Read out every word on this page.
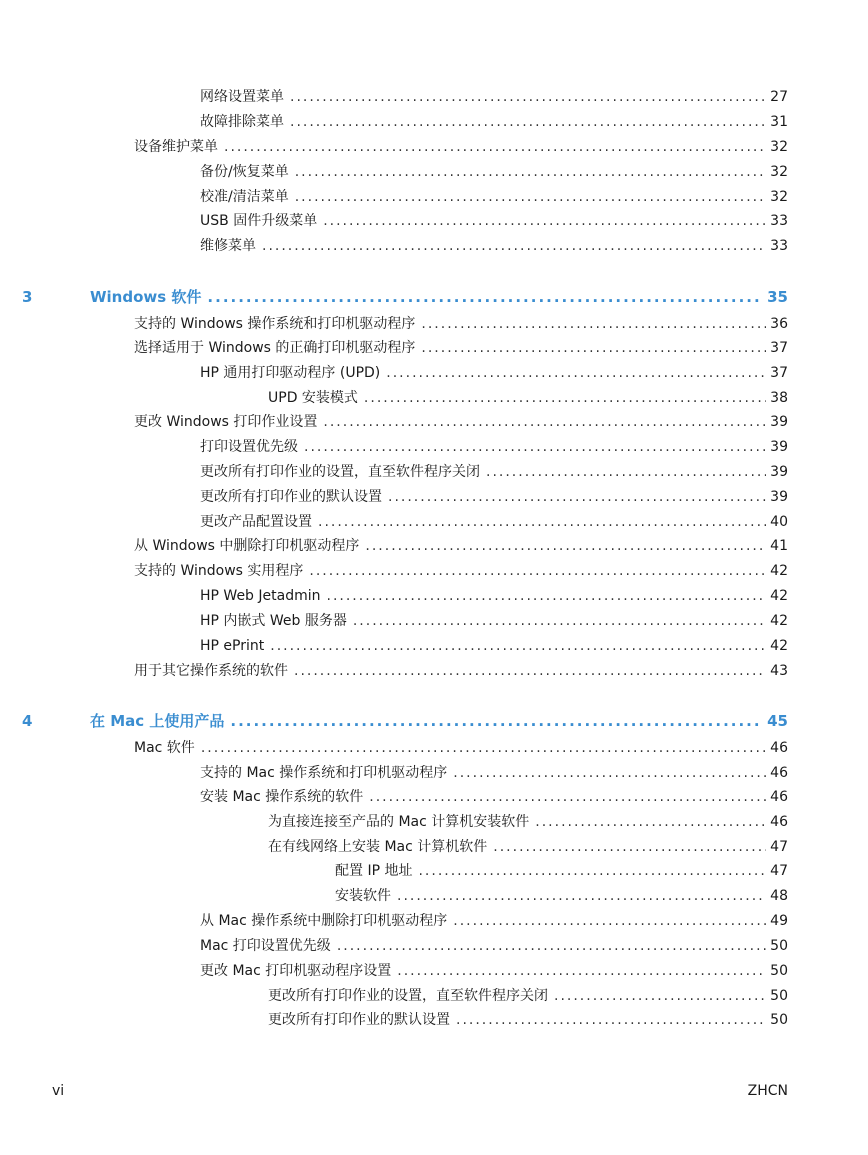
网络设置菜单 .....	27
故障排除菜单 .....	31
设备维护菜单 .....	32
备份/恢复菜单 .....	32
校准/清洁菜单 .....	32
USB 固件升级菜单 .....	33
维修菜单 .....	33
3	Windows 软件 .....	35
支持的 Windows 操作系统和打印机驱动程序 .....	36
选择适用于 Windows 的正确打印机驱动程序 .....	37
HP 通用打印驱动程序 (UPD) .....	37
UPD 安装模式 .....	38
更改 Windows 打印作业设置 .....	39
打印设置优先级 .....	39
更改所有打印作业的设置，直至软件程序关闭 .....	39
更改所有打印作业的默认设置 .....	39
更改产品配置设置 .....	40
从 Windows 中删除打印机驱动程序 .....	41
支持的 Windows 实用程序 .....	42
HP Web Jetadmin .....	42
HP 内嵌式 Web 服务器 .....	42
HP ePrint .....	42
用于其它操作系统的软件 .....	43
4	在 Mac 上使用产品 .....	45
Mac 软件 .....	46
支持的 Mac 操作系统和打印机驱动程序 .....	46
安装 Mac 操作系统的软件 .....	46
为直接连接至产品的 Mac 计算机安装软件 .....	46
在有线网络上安装 Mac 计算机软件 .....	47
配置 IP 地址 .....	47
安装软件 .....	48
从 Mac 操作系统中删除打印机驱动程序 .....	49
Mac 打印设置优先级 .....	50
更改 Mac 打印机驱动程序设置 .....	50
更改所有打印作业的设置，直至软件程序关闭 .....	50
更改所有打印作业的默认设置 .....	50
vi	ZHCN
